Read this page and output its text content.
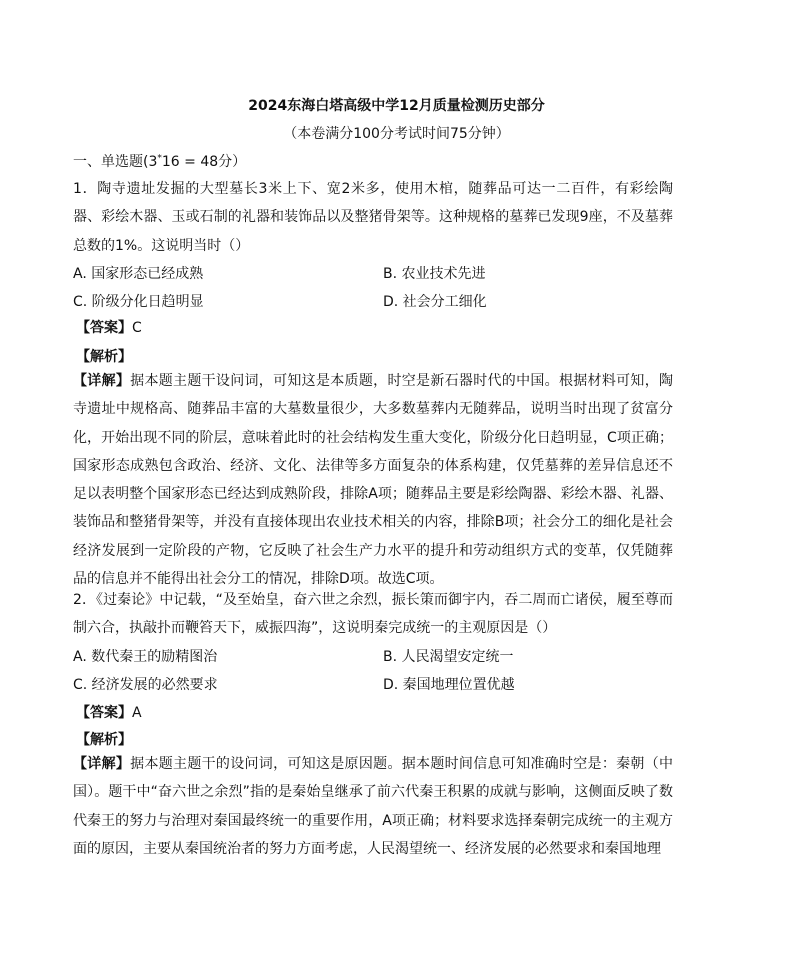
2024东海白塔高级中学12月质量检测历史部分
（本卷满分100分考试时间75分钟）
一、单选题(3*16 = 48分）

1．陶寺遗址发掘的大型墓长3米上下、宽2米多，使用木棺，随葬品可达一二百件，有彩绘陶器、彩绘木器、玉或石制的礼器和装饰品以及整猪骨架等。这种规格的墓葬已发现9座，不及墓葬总数的1%。这说明当时（）

A. 国家形态已经成熟	B. 农业技术先进
C. 阶级分化日趋明显	D. 社会分工细化
【答案】C
【解析】

【详解】据本题主题干设问词，可知这是本质题，时空是新石器时代的中国。根据材料可知，陶寺遗址中规格高、随葬品丰富的大墓数量很少，大多数墓葬内无随葬品，说明当时出现了贫富分化，开始出现不同的阶层，意味着此时的社会结构发生重大变化，阶级分化日趋明显，C项正确；国家形态成熟包含政治、经济、文化、法律等多方面复杂的体系构建，仅凭墓葬的差异信息还不足以表明整个国家形态已经达到成熟阶段，排除A项；随葬品主要是彩绘陶器、彩绘木器、礼器、装饰品和整猪骨架等，并没有直接体现出农业技术相关的内容，排除B项；社会分工的细化是社会经济发展到一定阶段的产物，它反映了社会生产力水平的提升和劳动组织方式的变革，仅凭随葬品的信息并不能得出社会分工的情况，排除D项。故选C项。

2．《过秦论》中记载，“及至始皇，奋六世之余烈，振长策而御宇内，吞二周而亡诸侯，履至尊而制六合，执敲扑而鞭笞天下，威振四海”，这说明秦完成统一的主观原因是（）

A. 数代秦王的励精图治	B. 人民渴望安定统一
C. 经济发展的必然要求	D. 秦国地理位置优越
【答案】A
【解析】

【详解】据本题主题干的设问词，可知这是原因题。据本题时间信息可知准确时空是：秦朝（中国）。题干中“奋六世之余烈”指的是秦始皇继承了前六代秦王积累的成就与影响，这侧面反映了数代秦王的努力与治理对秦国最终统一的重要作用，A项正确；材料要求选择秦朝完成统一的主观方面的原因，主要从秦国统治者的努力方面考虑，人民渴望统一、经济发展的必然要求和秦国地理
